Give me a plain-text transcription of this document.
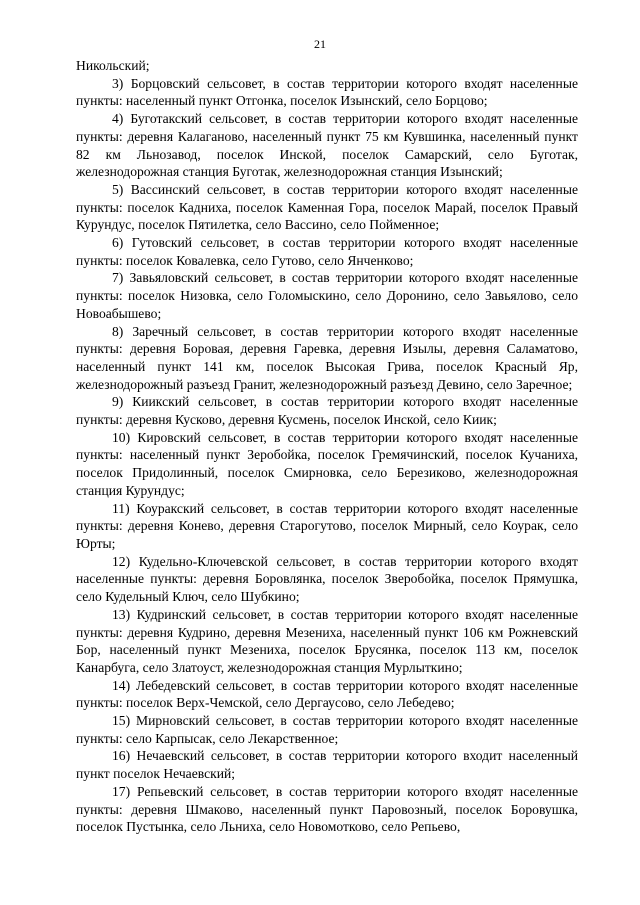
21

Никольский;

3) Борцовский сельсовет, в состав территории которого входят населенные пункты: населенный пункт Отгонка, поселок Изынский, село Борцово;

4) Буготакский сельсовет, в состав территории которого входят населенные пункты: деревня Калаганово, населенный пункт 75 км Кувшинка, населенный пункт 82 км Льнозавод, поселок Инской, поселок Самарский, село Буготак, железнодорожная станция Буготак, железнодорожная станция Изынский;

5) Вассинский сельсовет, в состав территории которого входят населенные пункты: поселок Кадниха, поселок Каменная Гора, поселок Марай, поселок Правый Курундус, поселок Пятилетка, село Вассино, село Пойменное;

6) Гутовский сельсовет, в состав территории которого входят населенные пункты: поселок Ковалевка, село Гутово, село Янченково;

7) Завьяловский сельсовет, в состав территории которого входят населенные пункты: поселок Низовка, село Голомыскино, село Доронино, село Завьялово, село Новоабышево;

8) Заречный сельсовет, в состав территории которого входят населенные пункты: деревня Боровая, деревня Гаревка, деревня Изылы, деревня Саламатово, населенный пункт 141 км, поселок Высокая Грива, поселок Красный Яр, железнодорожный разъезд Гранит, железнодорожный разъезд Девино, село Заречное;

9) Киикский сельсовет, в состав территории которого входят населенные пункты: деревня Кусково, деревня Кусмень, поселок Инской, село Киик;

10) Кировский сельсовет, в состав территории которого входят населенные пункты: населенный пункт Зеробойка, поселок Гремячинский, поселок Кучаниха, поселок Придолинный, поселок Смирновка, село Березиково, железнодорожная станция Курундус;

11) Коуракский сельсовет, в состав территории которого входят населенные пункты: деревня Конево, деревня Старогутово, поселок Мирный, село Коурак, село Юрты;

12) Кудельно-Ключевской сельсовет, в состав территории которого входят населенные пункты: деревня Боровлянка, поселок Зверобойка, поселок Прямушка, село Кудельный Ключ, село Шубкино;

13) Кудринский сельсовет, в состав территории которого входят населенные пункты: деревня Кудрино, деревня Мезениха, населенный пункт 106 км Рожневский Бор, населенный пункт Мезениха, поселок Брусянка, поселок 113 км, поселок Канарбуга, село Златоуст, железнодорожная станция Мурлыткино;

14) Лебедевский сельсовет, в состав территории которого входят населенные пункты: поселок Верх-Чемской, село Дергаусово, село Лебедево;

15) Мирновский сельсовет, в состав территории которого входят населенные пункты: село Карпысак, село Лекарственное;

16) Нечаевский сельсовет, в состав территории которого входит населенный пункт поселок Нечаевский;

17) Репьевский сельсовет, в состав территории которого входят населенные пункты: деревня Шмаково, населенный пункт Паровозный, поселок Боровушка, поселок Пустынка, село Льниха, село Новомотково, село Репьево,
